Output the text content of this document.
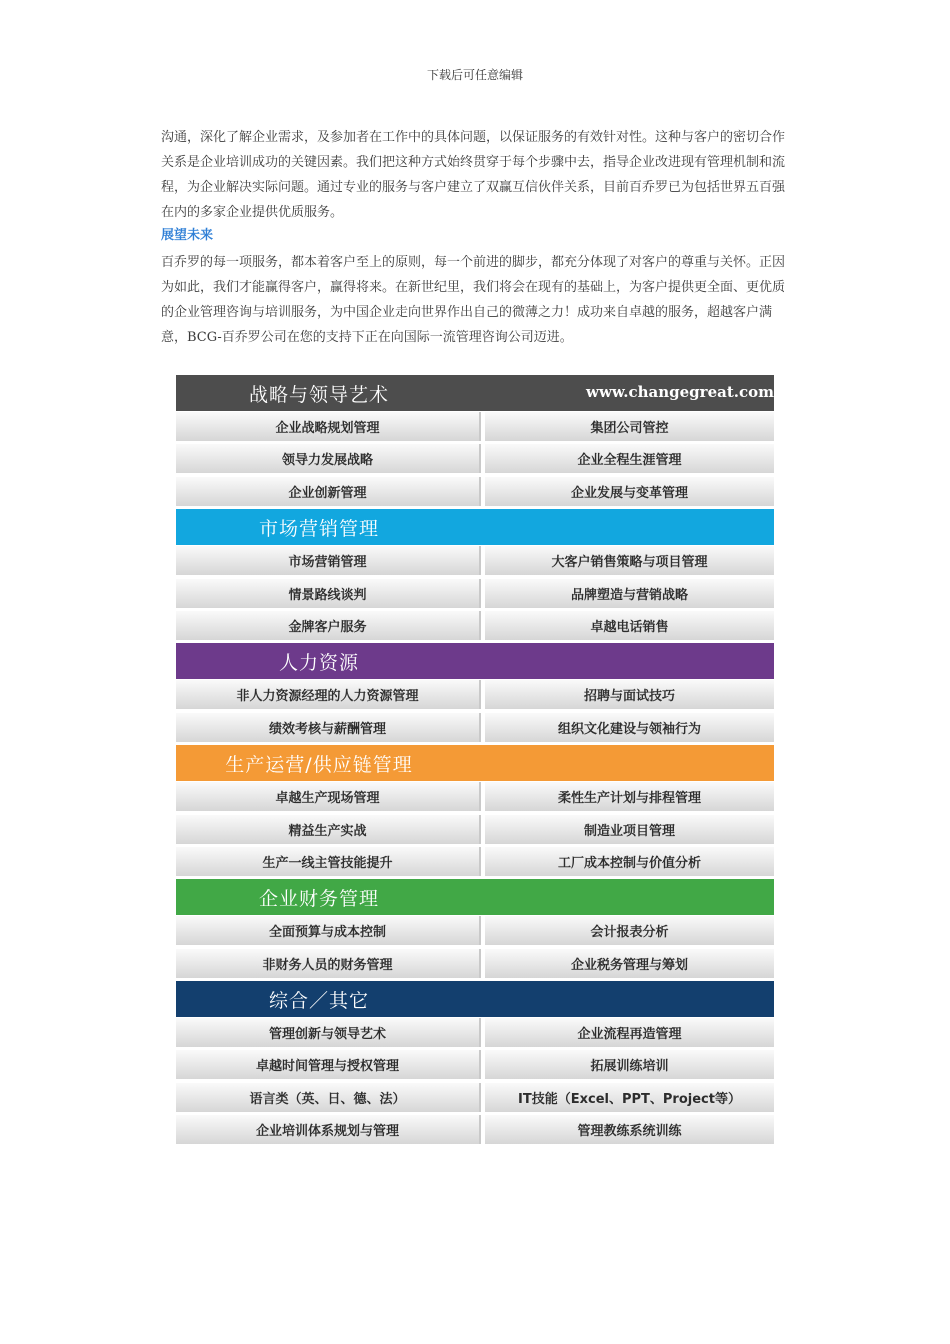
下载后可任意编辑
沟通，深化了解企业需求，及参加者在工作中的具体问题，以保证服务的有效针对性。这种与客户的密切合作关系是企业培训成功的关键因素。我们把这种方式始终贯穿于每个步骤中去，指导企业改进现有管理机制和流程，为企业解决实际问题。通过专业的服务与客户建立了双赢互信伙伴关系，目前百乔罗已为包括世界五百强在内的多家企业提供优质服务。
展望未来
百乔罗的每一项服务，都本着客户至上的原则，每一个前进的脚步，都充分体现了对客户的尊重与关怀。正因为如此，我们才能赢得客户，赢得将来。在新世纪里，我们将会在现有的基础上，为客户提供更全面、更优质的企业管理咨询与培训服务，为中国企业走向世界作出自己的微薄之力！成功来自卓越的服务，超越客户满意，BCG-百乔罗公司在您的支持下正在向国际一流管理咨询公司迈进。
战略与领导艺术	www.changegreat.com
企业战略规划管理	集团公司管控
领导力发展战略	企业全程生涯管理
企业创新管理	企业发展与变革管理
市场营销管理
市场营销管理	大客户销售策略与项目管理
情景路线谈判	品牌塑造与营销战略
金牌客户服务	卓越电话销售
人力资源
非人力资源经理的人力资源管理	招聘与面试技巧
绩效考核与薪酬管理	组织文化建设与领袖行为
生产运营/供应链管理
卓越生产现场管理	柔性生产计划与排程管理
精益生产实战	制造业项目管理
生产一线主管技能提升	工厂成本控制与价值分析
企业财务管理
全面预算与成本控制	会计报表分析
非财务人员的财务管理	企业税务管理与筹划
综合／其它
管理创新与领导艺术	企业流程再造管理
卓越时间管理与授权管理	拓展训练培训
语言类（英、日、德、法）	IT技能（Excel、PPT、Project等）
企业培训体系规划与管理	管理教练系统训练
